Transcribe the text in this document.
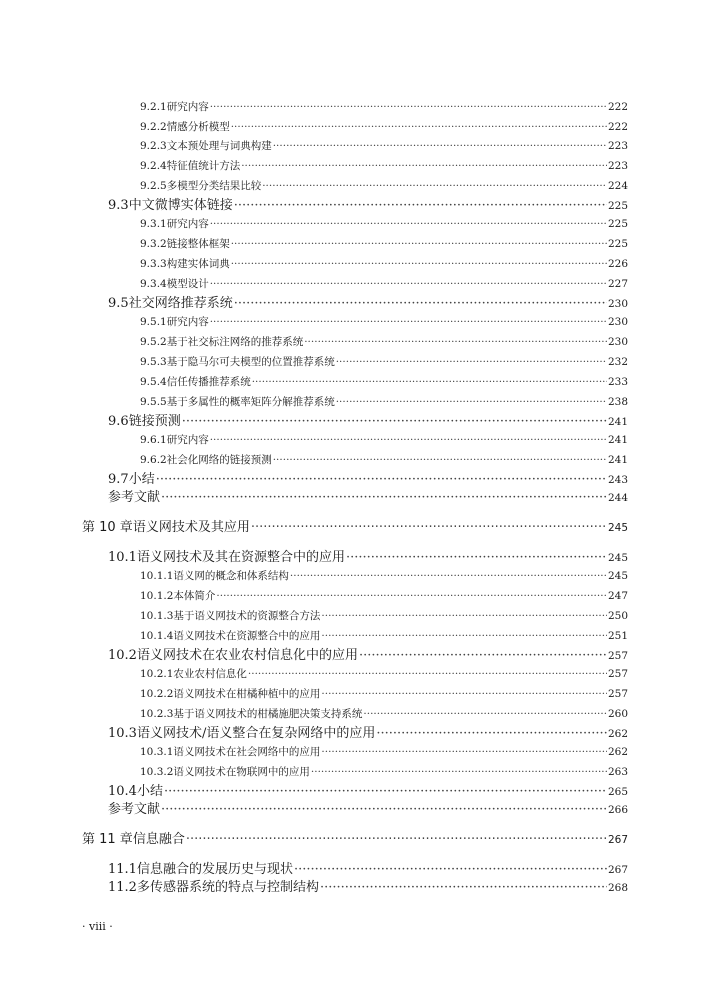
9.2.1 研究内容 ·····	222
9.2.2 情感分析模型 ·····	222
9.2.3 文本预处理与词典构建 ·····	223
9.2.4 特征值统计方法 ·····	223
9.2.5 多模型分类结果比较 ·····	224
9.3 中文微博实体链接 ·····	225
9.3.1 研究内容 ·····	225
9.3.2 链接整体框架 ·····	225
9.3.3 构建实体词典 ·····	226
9.3.4 模型设计 ·····	227
9.5 社交网络推荐系统 ·····	230
9.5.1 研究内容 ·····	230
9.5.2 基于社交标注网络的推荐系统 ·····	230
9.5.3 基于隐马尔可夫模型的位置推荐系统 ·····	232
9.5.4 信任传播推荐系统 ·····	233
9.5.5 基于多属性的概率矩阵分解推荐系统 ·····	238
9.6 链接预测 ·····	241
9.6.1 研究内容 ·····	241
9.6.2 社会化网络的链接预测 ·····	241
9.7 小结 ·····	243
参考文献 ·····	244
第 10 章 语义网技术及其应用 ·····	245
10.1 语义网技术及其在资源整合中的应用 ·····	245
10.1.1 语义网的概念和体系结构 ·····	245
10.1.2 本体简介 ·····	247
10.1.3 基于语义网技术的资源整合方法 ·····	250
10.1.4 语义网技术在资源整合中的应用 ·····	251
10.2 语义网技术在农业农村信息化中的应用 ·····	257
10.2.1 农业农村信息化 ·····	257
10.2.2 语义网技术在柑橘种植中的应用 ·····	257
10.2.3 基于语义网技术的柑橘施肥决策支持系统 ·····	260
10.3 语义网技术/语义整合在复杂网络中的应用 ·····	262
10.3.1 语义网技术在社会网络中的应用 ·····	262
10.3.2 语义网技术在物联网中的应用 ·····	263
10.4 小结 ·····	265
参考文献 ·····	266
第 11 章 信息融合 ·····	267
11.1 信息融合的发展历史与现状 ·····	267
11.2 多传感器系统的特点与控制结构 ·····	268
· viii ·
